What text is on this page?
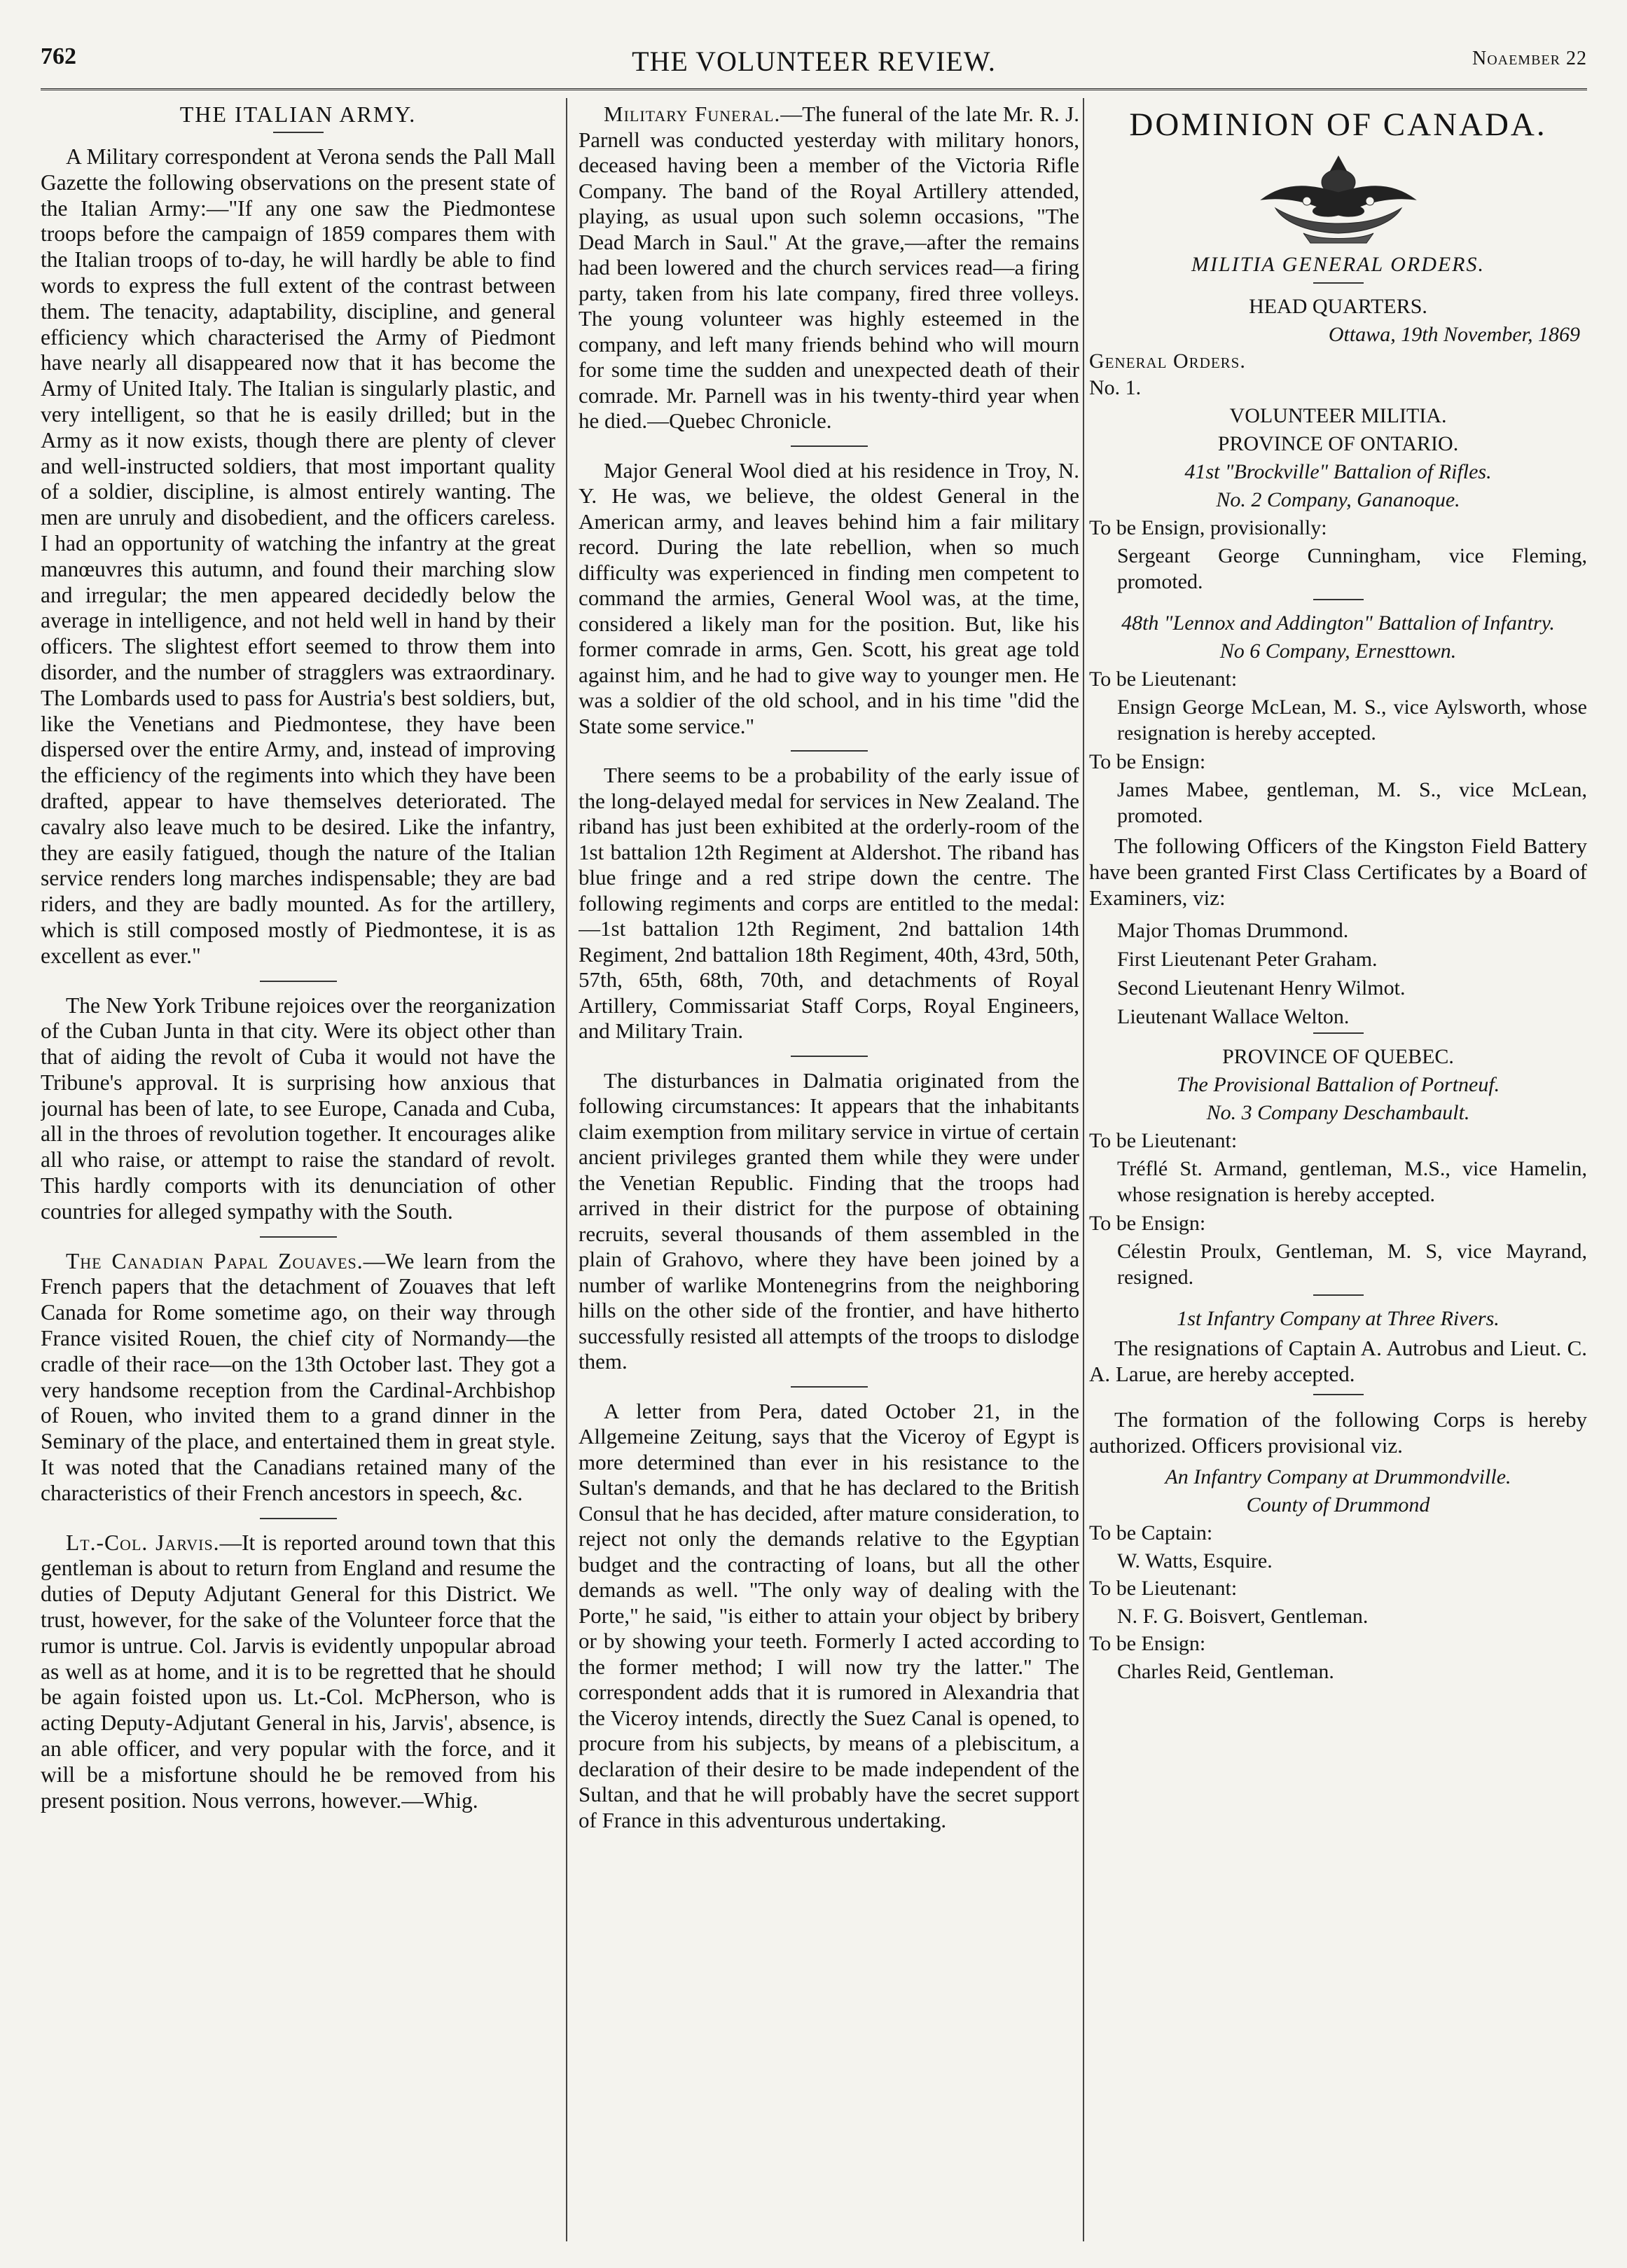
762	THE VOLUNTEER REVIEW.	Noaember 22
THE ITALIAN ARMY.

A Military correspondent at Verona sends the Pall Mall Gazette the following observations on the present state of the Italian Army:—"If any one saw the Piedmontese troops before the campaign of 1859 compares them with the Italian troops of to-day, he will hardly be able to find words to express the full extent of the contrast between them. The tenacity, adaptability, discipline, and general efficiency which characterised the Army of Piedmont have nearly all disappeared now that it has become the Army of United Italy. The Italian is singularly plastic, and very intelligent, so that he is easily drilled; but in the Army as it now exists, though there are plenty of clever and well-instructed soldiers, that most important quality of a soldier, discipline, is almost entirely wanting. The men are unruly and disobedient, and the officers careless. I had an opportunity of watching the infantry at the great manœuvres this autumn, and found their marching slow and irregular; the men appeared decidedly below the average in intelligence, and not held well in hand by their officers. The slightest effort seemed to throw them into disorder, and the number of stragglers was extraordinary. The Lombards used to pass for Austria's best soldiers, but, like the Venetians and Piedmontese, they have been dispersed over the entire Army, and, instead of improving the efficiency of the regiments into which they have been drafted, appear to have themselves deteriorated. The cavalry also leave much to be desired. Like the infantry, they are easily fatigued, though the nature of the Italian service renders long marches indispensable; they are bad riders, and they are badly mounted. As for the artillery, which is still composed mostly of Piedmontese, it is as excellent as ever."

The New York Tribune rejoices over the reorganization of the Cuban Junta in that city. Were its object other than that of aiding the revolt of Cuba it would not have the Tribune's approval. It is surprising how anxious that journal has been of late, to see Europe, Canada and Cuba, all in the throes of revolution together. It encourages alike all who raise, or attempt to raise the standard of revolt. This hardly comports with its denunciation of other countries for alleged sympathy with the South.

The Canadian Papal Zouaves.—We learn from the French papers that the detachment of Zouaves that left Canada for Rome sometime ago, on their way through France visited Rouen, the chief city of Normandy—the cradle of their race—on the 13th October last. They got a very handsome reception from the Cardinal-Archbishop of Rouen, who invited them to a grand dinner in the Seminary of the place, and entertained them in great style. It was noted that the Canadians retained many of the characteristics of their French ancestors in speech, &c.

Lt.-Col. Jarvis.—It is reported around town that this gentleman is about to return from England and resume the duties of Deputy Adjutant General for this District. We trust, however, for the sake of the Volunteer force that the rumor is untrue. Col. Jarvis is evidently unpopular abroad as well as at home, and it is to be regretted that he should be again foisted upon us. Lt.-Col. McPherson, who is acting Deputy-Adjutant General in his, Jarvis', absence, is an able officer, and very popular with the force, and it will be a misfortune should he be removed from his present position. Nous verrons, however.—Whig.

Military Funeral.—The funeral of the late Mr. R. J. Parnell was conducted yesterday with military honors, deceased having been a member of the Victoria Rifle Company. The band of the Royal Artillery attended, playing, as usual upon such solemn occasions, "The Dead March in Saul." At the grave,—after the remains had been lowered and the church services read—a firing party, taken from his late company, fired three volleys. The young volunteer was highly esteemed in the company, and left many friends behind who will mourn for some time the sudden and unexpected death of their comrade. Mr. Parnell was in his twenty-third year when he died.—Quebec Chronicle.

Major General Wool died at his residence in Troy, N. Y. He was, we believe, the oldest General in the American army, and leaves behind him a fair military record. During the late rebellion, when so much difficulty was experienced in finding men competent to command the armies, General Wool was, at the time, considered a likely man for the position. But, like his former comrade in arms, Gen. Scott, his great age told against him, and he had to give way to younger men. He was a soldier of the old school, and in his time "did the State some service."

There seems to be a probability of the early issue of the long-delayed medal for services in New Zealand. The riband has just been exhibited at the orderly-room of the 1st battalion 12th Regiment at Aldershot. The riband has blue fringe and a red stripe down the centre. The following regiments and corps are entitled to the medal:—1st battalion 12th Regiment, 2nd battalion 14th Regiment, 2nd battalion 18th Regiment, 40th, 43rd, 50th, 57th, 65th, 68th, 70th, and detachments of Royal Artillery, Commissariat Staff Corps, Royal Engineers, and Military Train.

The disturbances in Dalmatia originated from the following circumstances: It appears that the inhabitants claim exemption from military service in virtue of certain ancient privileges granted them while they were under the Venetian Republic. Finding that the troops had arrived in their district for the purpose of obtaining recruits, several thousands of them assembled in the plain of Grahovo, where they have been joined by a number of warlike Montenegrins from the neighboring hills on the other side of the frontier, and have hitherto successfully resisted all attempts of the troops to dislodge them.

A letter from Pera, dated October 21, in the Allgemeine Zeitung, says that the Viceroy of Egypt is more determined than ever in his resistance to the Sultan's demands, and that he has declared to the British Consul that he has decided, after mature consideration, to reject not only the demands relative to the Egyptian budget and the contracting of loans, but all the other demands as well. "The only way of dealing with the Porte," he said, "is either to attain your object by bribery or by showing your teeth. Formerly I acted according to the former method; I will now try the latter." The correspondent adds that it is rumored in Alexandria that the Viceroy intends, directly the Suez Canal is opened, to procure from his subjects, by means of a plebiscitum, a declaration of their desire to be made independent of the Sultan, and that he will probably have the secret support of France in this adventurous undertaking.

DOMINION OF CANADA.
MILITIA GENERAL ORDERS.
HEAD QUARTERS.
Ottawa, 19th November, 1869
General Orders.
No. 1.
VOLUNTEER MILITIA.
PROVINCE OF ONTARIO.
41st "Brockville" Battalion of Rifles.
No. 2 Company, Gananoque.
To be Ensign, provisionally:
Sergeant George Cunningham, vice Fleming, promoted.
48th "Lennox and Addington" Battalion of Infantry.
No 6 Company, Ernesttown.
To be Lieutenant:
Ensign George McLean, M. S., vice Aylsworth, whose resignation is hereby accepted.
To be Ensign:
James Mabee, gentleman, M. S., vice McLean, promoted.

The following Officers of the Kingston Field Battery have been granted First Class Certificates by a Board of Examiners, viz:

Major Thomas Drummond.
First Lieutenant Peter Graham.
Second Lieutenant Henry Wilmot.
Lieutenant Wallace Welton.
PROVINCE OF QUEBEC.
The Provisional Battalion of Portneuf.
No. 3 Company Deschambault.
To be Lieutenant:
Tréflé St. Armand, gentleman, M.S., vice Hamelin, whose resignation is hereby accepted.
To be Ensign:
Célestin Proulx, Gentleman, M. S, vice Mayrand, resigned.
1st Infantry Company at Three Rivers.

The resignations of Captain A. Autrobus and Lieut. C. A. Larue, are hereby accepted.

The formation of the following Corps is hereby authorized. Officers provisional viz.

An Infantry Company at Drummondville.
County of Drummond
To be Captain:
W. Watts, Esquire.
To be Lieutenant:
N. F. G. Boisvert, Gentleman.
To be Ensign:
Charles Reid, Gentleman.
